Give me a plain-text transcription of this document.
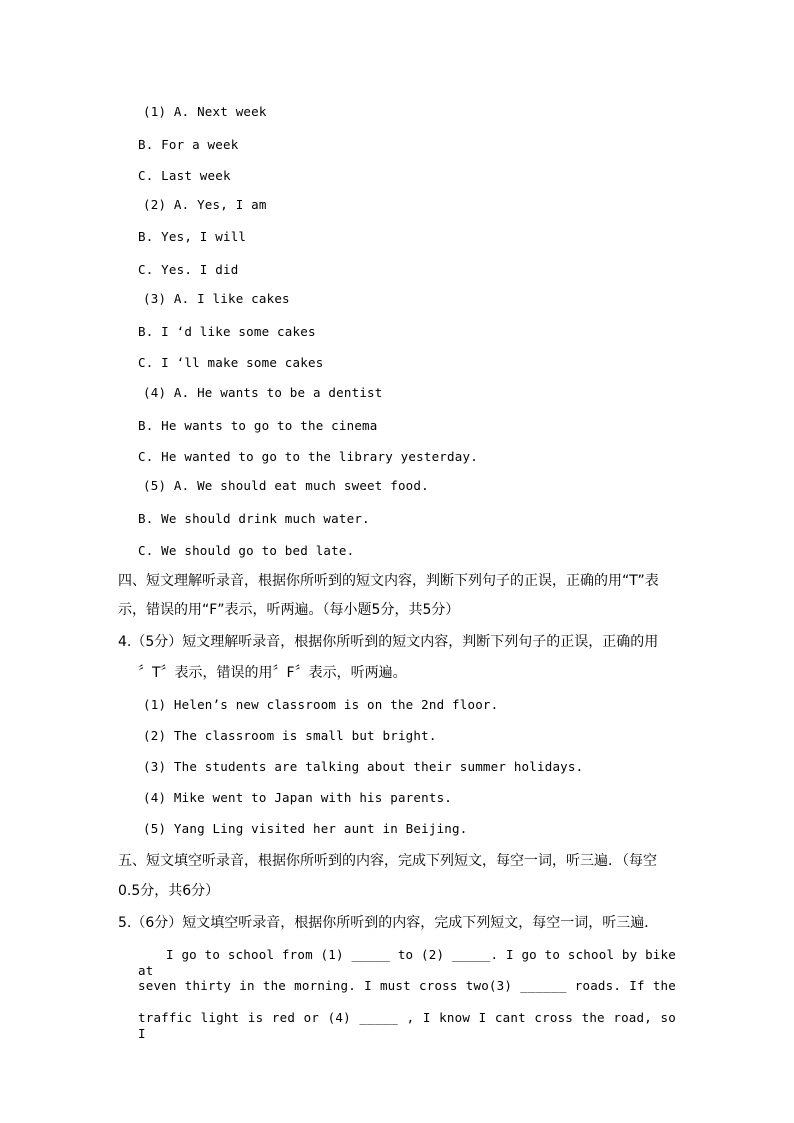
(1) A. Next week
B. For a week
C. Last week
(2) A. Yes, I am
B. Yes, I will
C. Yes. I did
(3) A. I like cakes
B. I ‘d like some cakes
C. I ‘ll make some cakes
(4) A. He wants to be a dentist
B. He wants to go to the cinema
C. He wanted to go to the library yesterday.
(5) A. We should eat much sweet food.
B. We should drink much water.
C. We should go to bed late.
四、短文理解听录音，根据你所听到的短文内容，判断下列句子的正误，正确的用“T”表
示，错误的用“F”表示，听两遍。（每小题5分，共5分）
4.（5分）短文理解听录音，根据你所听到的短文内容，判断下列句子的正误，正确的用
〞T〞表示，错误的用〞F〞表示，听两遍。
(1) Helen’s new classroom is on the 2nd floor.
(2) The classroom is small but bright.
(3) The students are talking about their summer holidays.
(4) Mike went to Japan with his parents.
(5) Yang Ling visited her aunt in Beijing.
五、短文填空听录音，根据你所听到的内容，完成下列短文，每空一词，听三遍．（每空
0.5分，共6分）
5.（6分）短文填空听录音，根据你所听到的内容，完成下列短文，每空一词，听三遍．
I go to school from (1) _____ to (2) _____. I go to school by bike at
seven thirty in the morning. I must cross two(3) ______ roads. If the
traffic light is red or (4) _____ , I know I cant cross the road, so I
